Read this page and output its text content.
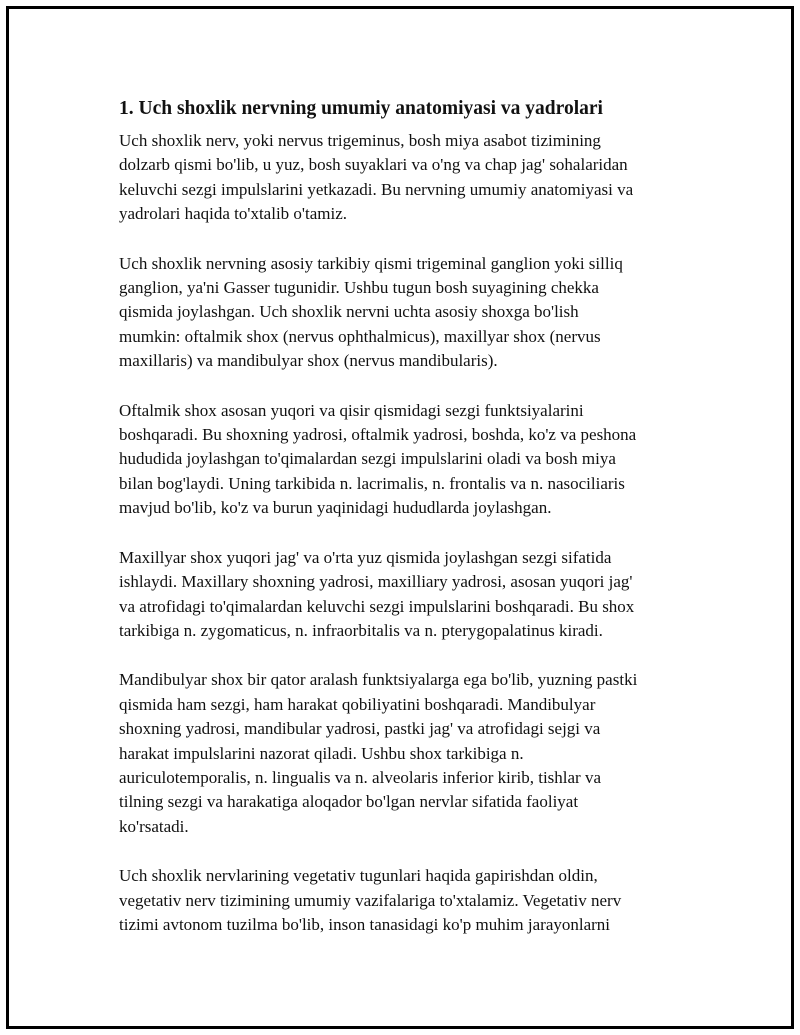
1. Uch shoxlik nervning umumiy anatomiyasi va yadrolari
Uch shoxlik nerv, yoki nervus trigeminus, bosh miya asabot tizimining
dolzarb qismi bo'lib, u yuz, bosh suyaklari va o'ng va chap jag' sohalaridan
keluvchi sezgi impulslarini yetkazadi. Bu nervning umumiy anatomiyasi va
yadrolari haqida to'xtalib o'tamiz.
Uch shoxlik nervning asosiy tarkibiy qismi trigeminal ganglion yoki silliq
ganglion, ya'ni Gasser tugunidir. Ushbu tugun bosh suyagining chekka
qismida joylashgan. Uch shoxlik nervni uchta asosiy shoxga bo'lish
mumkin: oftalmik shox (nervus ophthalmicus), maxillyar shox (nervus
maxillaris) va mandibulyar shox (nervus mandibularis).
Oftalmik shox asosan yuqori va qisir qismidagi sezgi funktsiyalarini
boshqaradi. Bu shoxning yadrosi, oftalmik yadrosi, boshda, ko'z va peshona
hududida joylashgan to'qimalardan sezgi impulslarini oladi va bosh miya
bilan bog'laydi. Uning tarkibida n. lacrimalis, n. frontalis va n. nasociliaris
mavjud bo'lib, ko'z va burun yaqinidagi hududlarda joylashgan.
Maxillyar shox yuqori jag' va o'rta yuz qismida joylashgan sezgi sifatida
ishlaydi. Maxillary shoxning yadrosi, maxilliary yadrosi, asosan yuqori jag'
va atrofidagi to'qimalardan keluvchi sezgi impulslarini boshqaradi. Bu shox
tarkibiga n. zygomaticus, n. infraorbitalis va n. pterygopalatinus kiradi.
Mandibulyar shox bir qator aralash funktsiyalarga ega bo'lib, yuzning pastki
qismida ham sezgi, ham harakat qobiliyatini boshqaradi. Mandibulyar
shoxning yadrosi, mandibular yadrosi, pastki jag' va atrofidagi sejgi va
harakat impulslarini nazorat qiladi. Ushbu shox tarkibiga n.
auriculotemporalis, n. lingualis va n. alveolaris inferior kirib, tishlar va
tilning sezgi va harakatiga aloqador bo'lgan nervlar sifatida faoliyat
ko'rsatadi.
Uch shoxlik nervlarining vegetativ tugunlari haqida gapirishdan oldin,
vegetativ nerv tizimining umumiy vazifalariga to'xtalamiz. Vegetativ nerv
tizimi avtonom tuzilma bo'lib, inson tanasidagi ko'p muhim jarayonlarni
